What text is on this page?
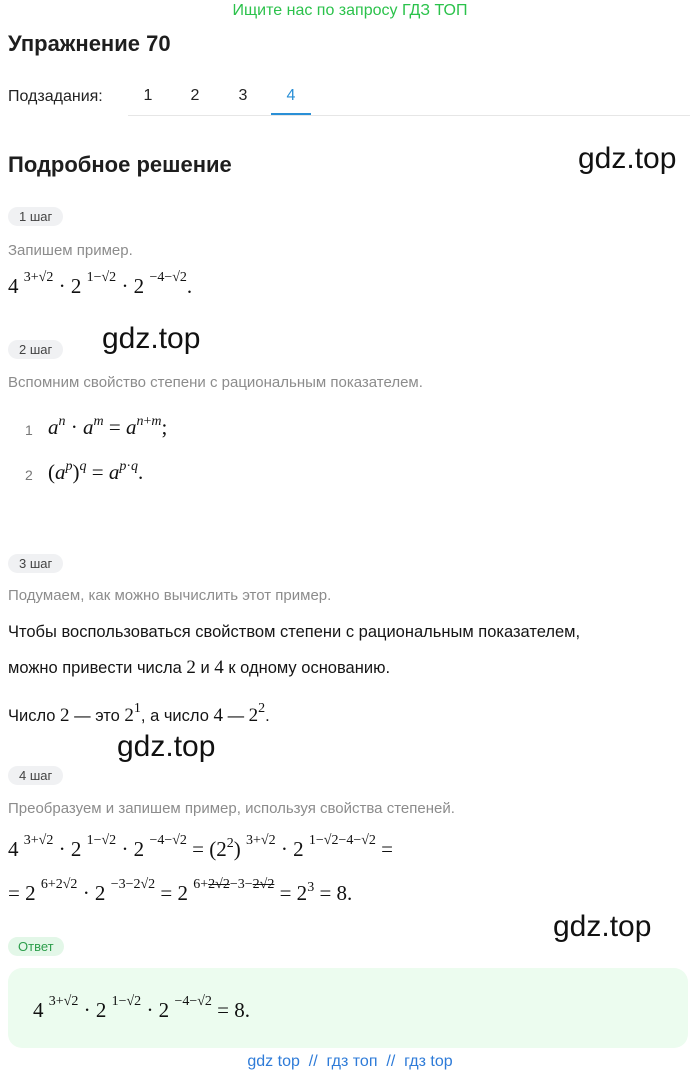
Ищите нас по запросу ГДЗ ТОП
Упражнение 70
Подзадания:	1	2	3	4
Подробное решение	gdz.top
gdz.top
gdz.top
gdz.top
1 шаг
Запишем пример.
4 $^{3+√2}$ · 2 $^{1-√2}$ · 2 $^{-4-√2}$.
2 шаг
Вспомним свойство степени с рациональным показателем.
1 $a^n \cdot a^m = a^{n+m}$;
2 $(a^p)^q = a^{p\cdot q}$.
3 шаг
Подумаем, как можно вычислить этот пример.
Чтобы воспользоваться свойством степени с рациональным показателем,
можно привести числа 2 и 4 к одному основанию.
Число 2 — это $2^1$, а число 4 — $2^2$.
4 шаг
Преобразуем и запишем пример, используя свойства степеней.
4 $^{3+√2}$ · 2 $^{1-√2}$ · 2 $^{-4-√2} = (2^2) ^{3+√2} \cdot 2$ $^{1-√2-4-√2}$ =
= 2 $^{6+2√2}$ · 2 $^{-3-2√2}$ = 2 $^{6+2√2-3-2√2} = 2^3 = 8$.
Ответ
4 $^{3+√2}$ · 2 $^{1-√2}$ · 2 $^{-4-√2}$ = 8.
gdz top  //  гдз топ  //  гдз top
